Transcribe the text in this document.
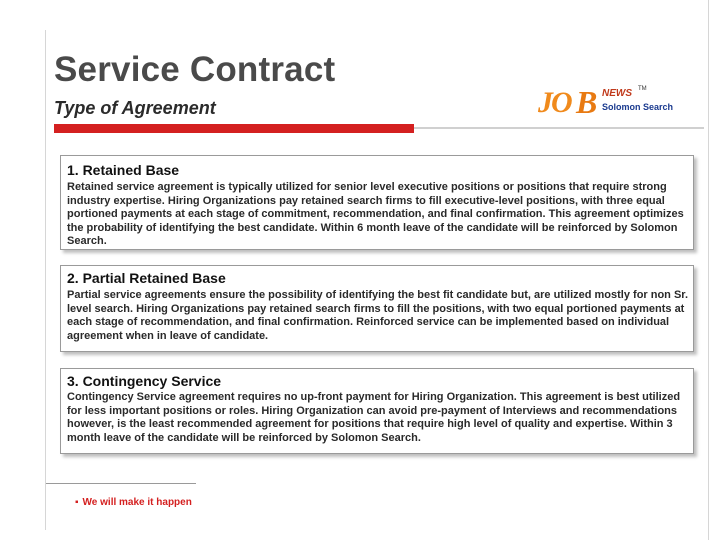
Service Contract
Type of Agreement	JO B NEWS TM
Solomon Search
1. Retained Base
Retained service agreement is typically utilized for senior level executive positions or positions that require strong industry expertise. Hiring Organizations pay retained search firms to fill executive-level positions, with three equal portioned payments at each stage of commitment, recommendation, and final confirmation. This agreement optimizes the probability of identifying the best candidate. Within 6 month leave of the candidate will be reinforced by Solomon Search.
2. Partial Retained Base
Partial service agreements ensure the possibility of identifying the best fit candidate but, are utilized mostly for non Sr. level search. Hiring Organizations pay retained search firms to fill the positions, with two equal portioned payments at each stage of recommendation, and final confirmation. Reinforced service can be implemented based on individual agreement when in leave of candidate.
3. Contingency Service
Contingency Service agreement requires no up-front payment for Hiring Organization. This agreement is best utilized for less important positions or roles. Hiring Organization can avoid pre-payment of Interviews and recommendations however, is the least recommended agreement for positions that require high level of quality and expertise. Within 3 month leave of the candidate will be reinforced by Solomon Search.
▪ We will make it happen
